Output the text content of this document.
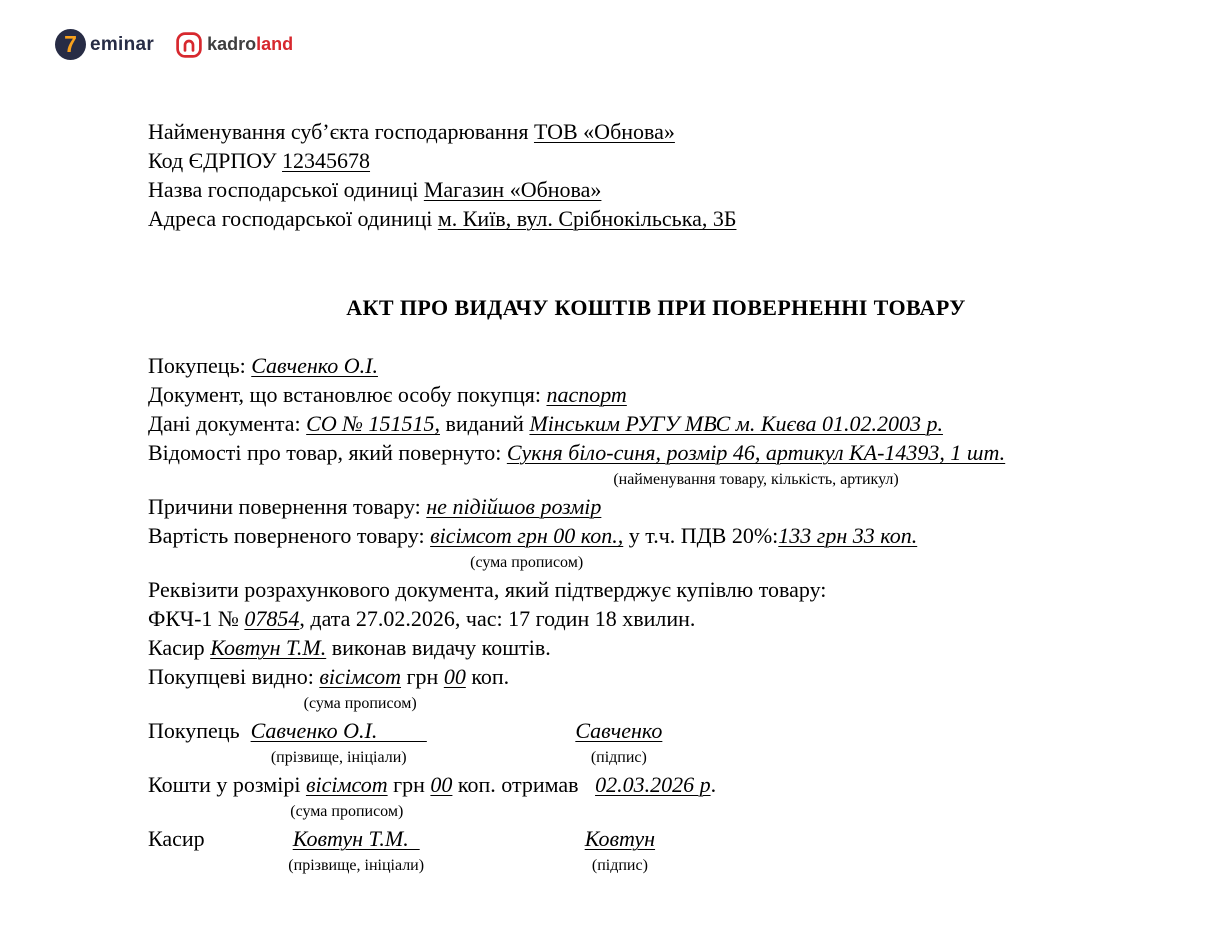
7 eminar	kadroland
Найменування суб’єкта господарювання ТОВ «Обнова»
Код ЄДРПОУ 12345678
Назва господарської одиниці Магазин «Обнова»
Адреса господарської одиниці м. Київ, вул. Срібнокільська, 3Б
АКТ ПРО ВИДАЧУ КОШТІВ ПРИ ПОВЕРНЕННІ ТОВАРУ
Покупець: Савченко О.І.
Документ, що встановлює особу покупця: паспорт
Дані документа: СО № 151515, виданий Мінським РУГУ МВС м. Києва 01.02.2003 р.
Відомості про товар, який повернуто: Сукня біло-синя, розмір 46, артикул КА-14393, 1 шт.
(найменування товару, кількість, артикул)
Причини повернення товару: не підійшов розмір
Вартість поверненого товару: вісімсот грн 00 коп.,
(сума прописом)
у т.ч. ПДВ 20%:133 грн 33 коп.
Реквізити розрахункового документа, який підтверджує купівлю товару:
ФКЧ-1 № 07854, дата 27.02.2026, час: 17 годин 18 хвилин.
Касир Ковтун Т.М. виконав видачу коштів.
Покупцеві видно: вісімсот
(сума прописом)
грн 00 коп.
Покупець  Савченко О.І.
(прізвище, ініціали)
Савченко
(підпис)
Кошти у розмірі вісімсот
(сума прописом)
грн 00 коп. отримав   02.03.2026 р.
Касир	Ковтун Т.М.
(прізвище, ініціали)
Ковтун
(підпис)
